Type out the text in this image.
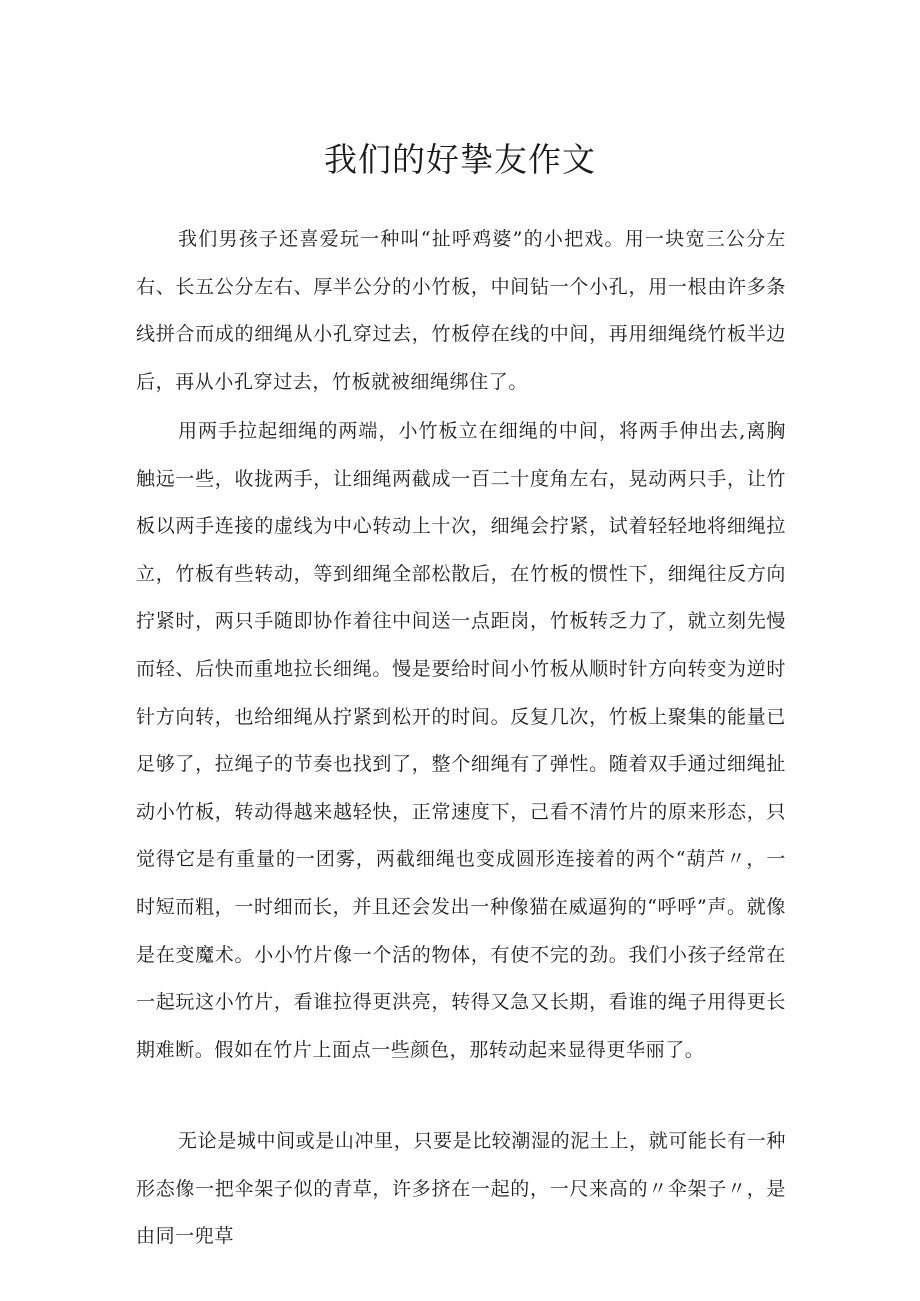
我们的好挚友作文

我们男孩子还喜爱玩一种叫“扯呼鸡婆”的小把戏。用一块宽三公分左右、长五公分左右、厚半公分的小竹板，中间钻一个小孔，用一根由许多条线拼合而成的细绳从小孔穿过去，竹板停在线的中间，再用细绳绕竹板半边后，再从小孔穿过去，竹板就被细绳绑住了。

用两手拉起细绳的两端，小竹板立在细绳的中间，将两手伸出去,离胸触远一些，收拢两手，让细绳两截成一百二十度角左右，晃动两只手，让竹板以两手连接的虚线为中心转动上十次，细绳会拧紧，试着轻轻地将细绳拉立，竹板有些转动，等到细绳全部松散后，在竹板的惯性下，细绳往反方向拧紧时，两只手随即协作着往中间送一点距岗，竹板转乏力了，就立刻先慢而轻、后快而重地拉长细绳。慢是要给时间小竹板从顺时针方向转变为逆时针方向转，也给细绳从拧紧到松开的时间。反复几次，竹板上聚集的能量已足够了，拉绳子的节奏也找到了，整个细绳有了弹性。随着双手通过细绳扯动小竹板，转动得越来越轻快，正常速度下，己看不清竹片的原来形态，只觉得它是有重量的一团雾，两截细绳也变成圆形连接着的两个“葫芦〃，一时短而粗，一时细而长，并且还会发出一种像猫在威逼狗的“呼呼”声。就像是在变魔术。小小竹片像一个活的物体，有使不完的劲。我们小孩子经常在一起玩这小竹片，看谁拉得更洪亮，转得又急又长期，看谁的绳子用得更长期难断。假如在竹片上面点一些颜色，那转动起来显得更华丽了。

无论是城中间或是山冲里，只要是比较潮湿的泥土上，就可能长有一种形态像一把伞架子似的青草，许多挤在一起的，一尺来高的〃伞架子〃，是由同一兜草
